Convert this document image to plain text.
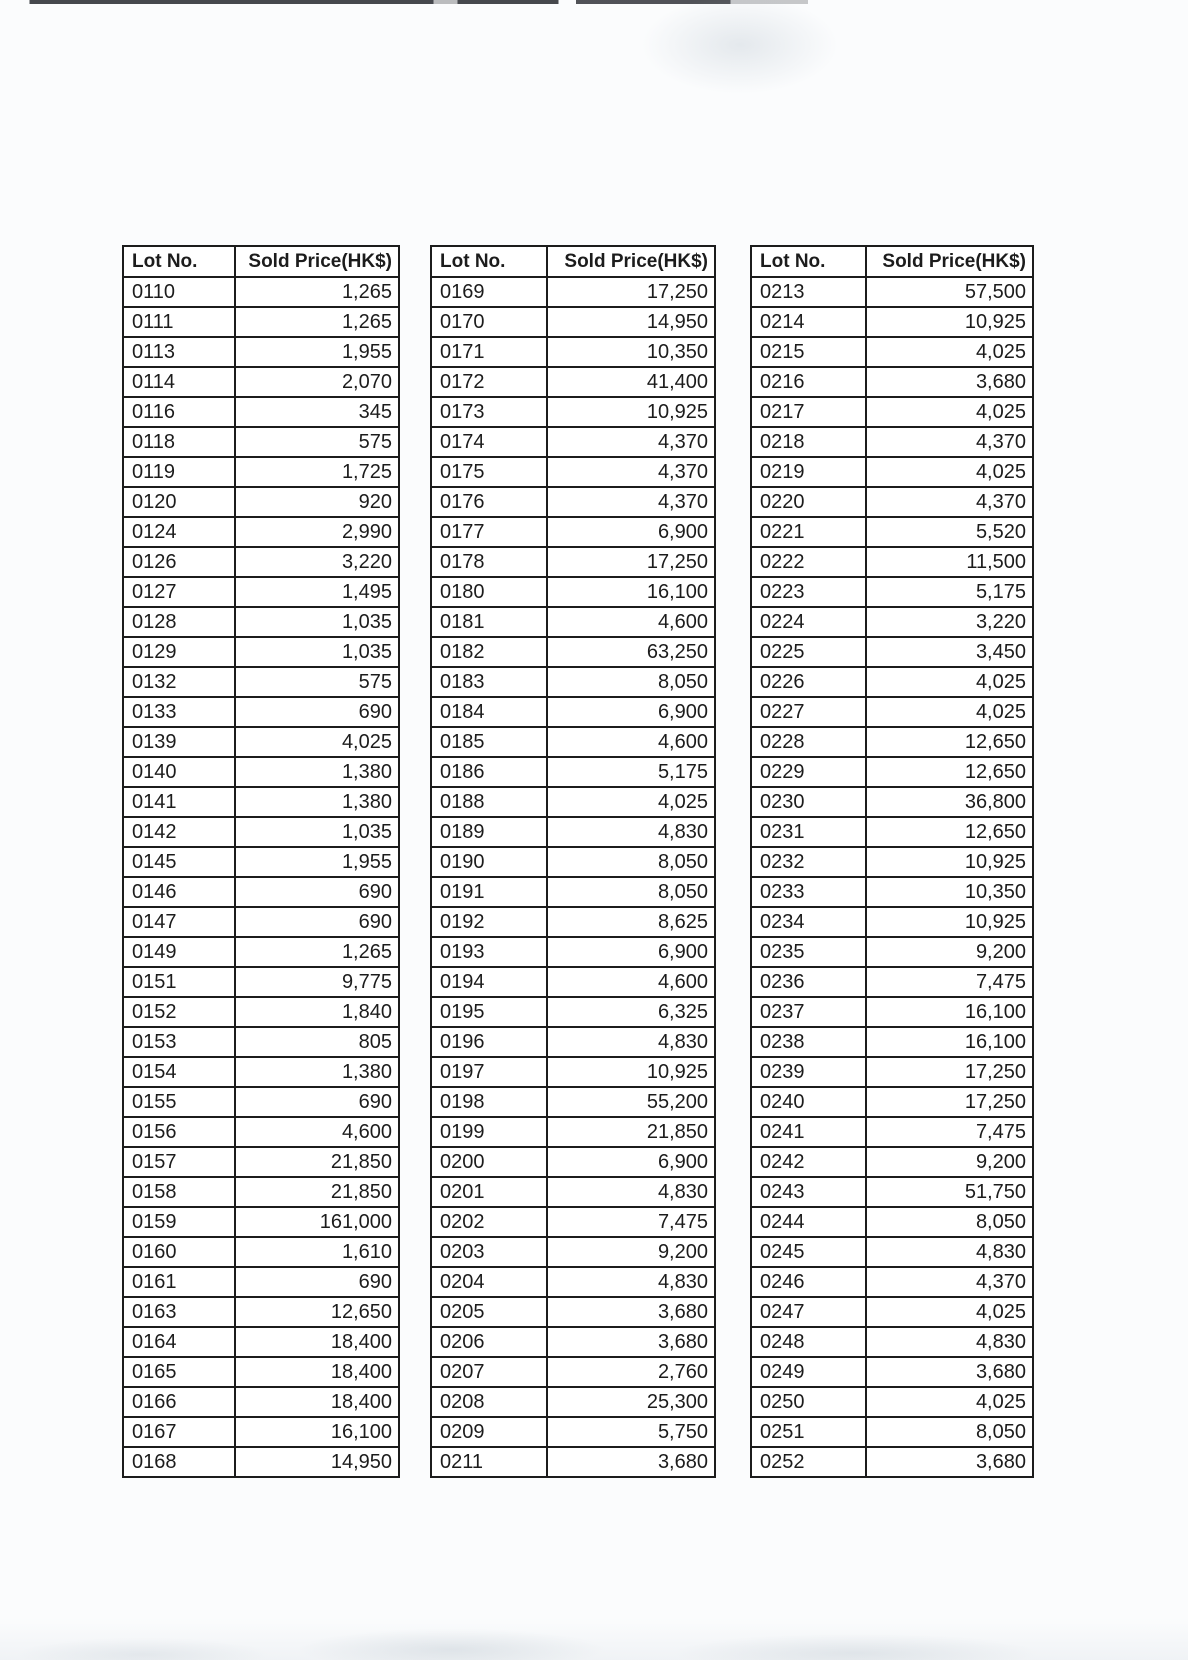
Lot No.	Sold Price(HK$)
0110	1,265
0111	1,265
0113	1,955
0114	2,070
0116	345
0118	575
0119	1,725
0120	920
0124	2,990
0126	3,220
0127	1,495
0128	1,035
0129	1,035
0132	575
0133	690
0139	4,025
0140	1,380
0141	1,380
0142	1,035
0145	1,955
0146	690
0147	690
0149	1,265
0151	9,775
0152	1,840
0153	805
0154	1,380
0155	690
0156	4,600
0157	21,850
0158	21,850
0159	161,000
0160	1,610
0161	690
0163	12,650
0164	18,400
0165	18,400
0166	18,400
0167	16,100
0168	14,950
Lot No.	Sold Price(HK$)
0169	17,250
0170	14,950
0171	10,350
0172	41,400
0173	10,925
0174	4,370
0175	4,370
0176	4,370
0177	6,900
0178	17,250
0180	16,100
0181	4,600
0182	63,250
0183	8,050
0184	6,900
0185	4,600
0186	5,175
0188	4,025
0189	4,830
0190	8,050
0191	8,050
0192	8,625
0193	6,900
0194	4,600
0195	6,325
0196	4,830
0197	10,925
0198	55,200
0199	21,850
0200	6,900
0201	4,830
0202	7,475
0203	9,200
0204	4,830
0205	3,680
0206	3,680
0207	2,760
0208	25,300
0209	5,750
0211	3,680
Lot No.	Sold Price(HK$)
0213	57,500
0214	10,925
0215	4,025
0216	3,680
0217	4,025
0218	4,370
0219	4,025
0220	4,370
0221	5,520
0222	11,500
0223	5,175
0224	3,220
0225	3,450
0226	4,025
0227	4,025
0228	12,650
0229	12,650
0230	36,800
0231	12,650
0232	10,925
0233	10,350
0234	10,925
0235	9,200
0236	7,475
0237	16,100
0238	16,100
0239	17,250
0240	17,250
0241	7,475
0242	9,200
0243	51,750
0244	8,050
0245	4,830
0246	4,370
0247	4,025
0248	4,830
0249	3,680
0250	4,025
0251	8,050
0252	3,680
